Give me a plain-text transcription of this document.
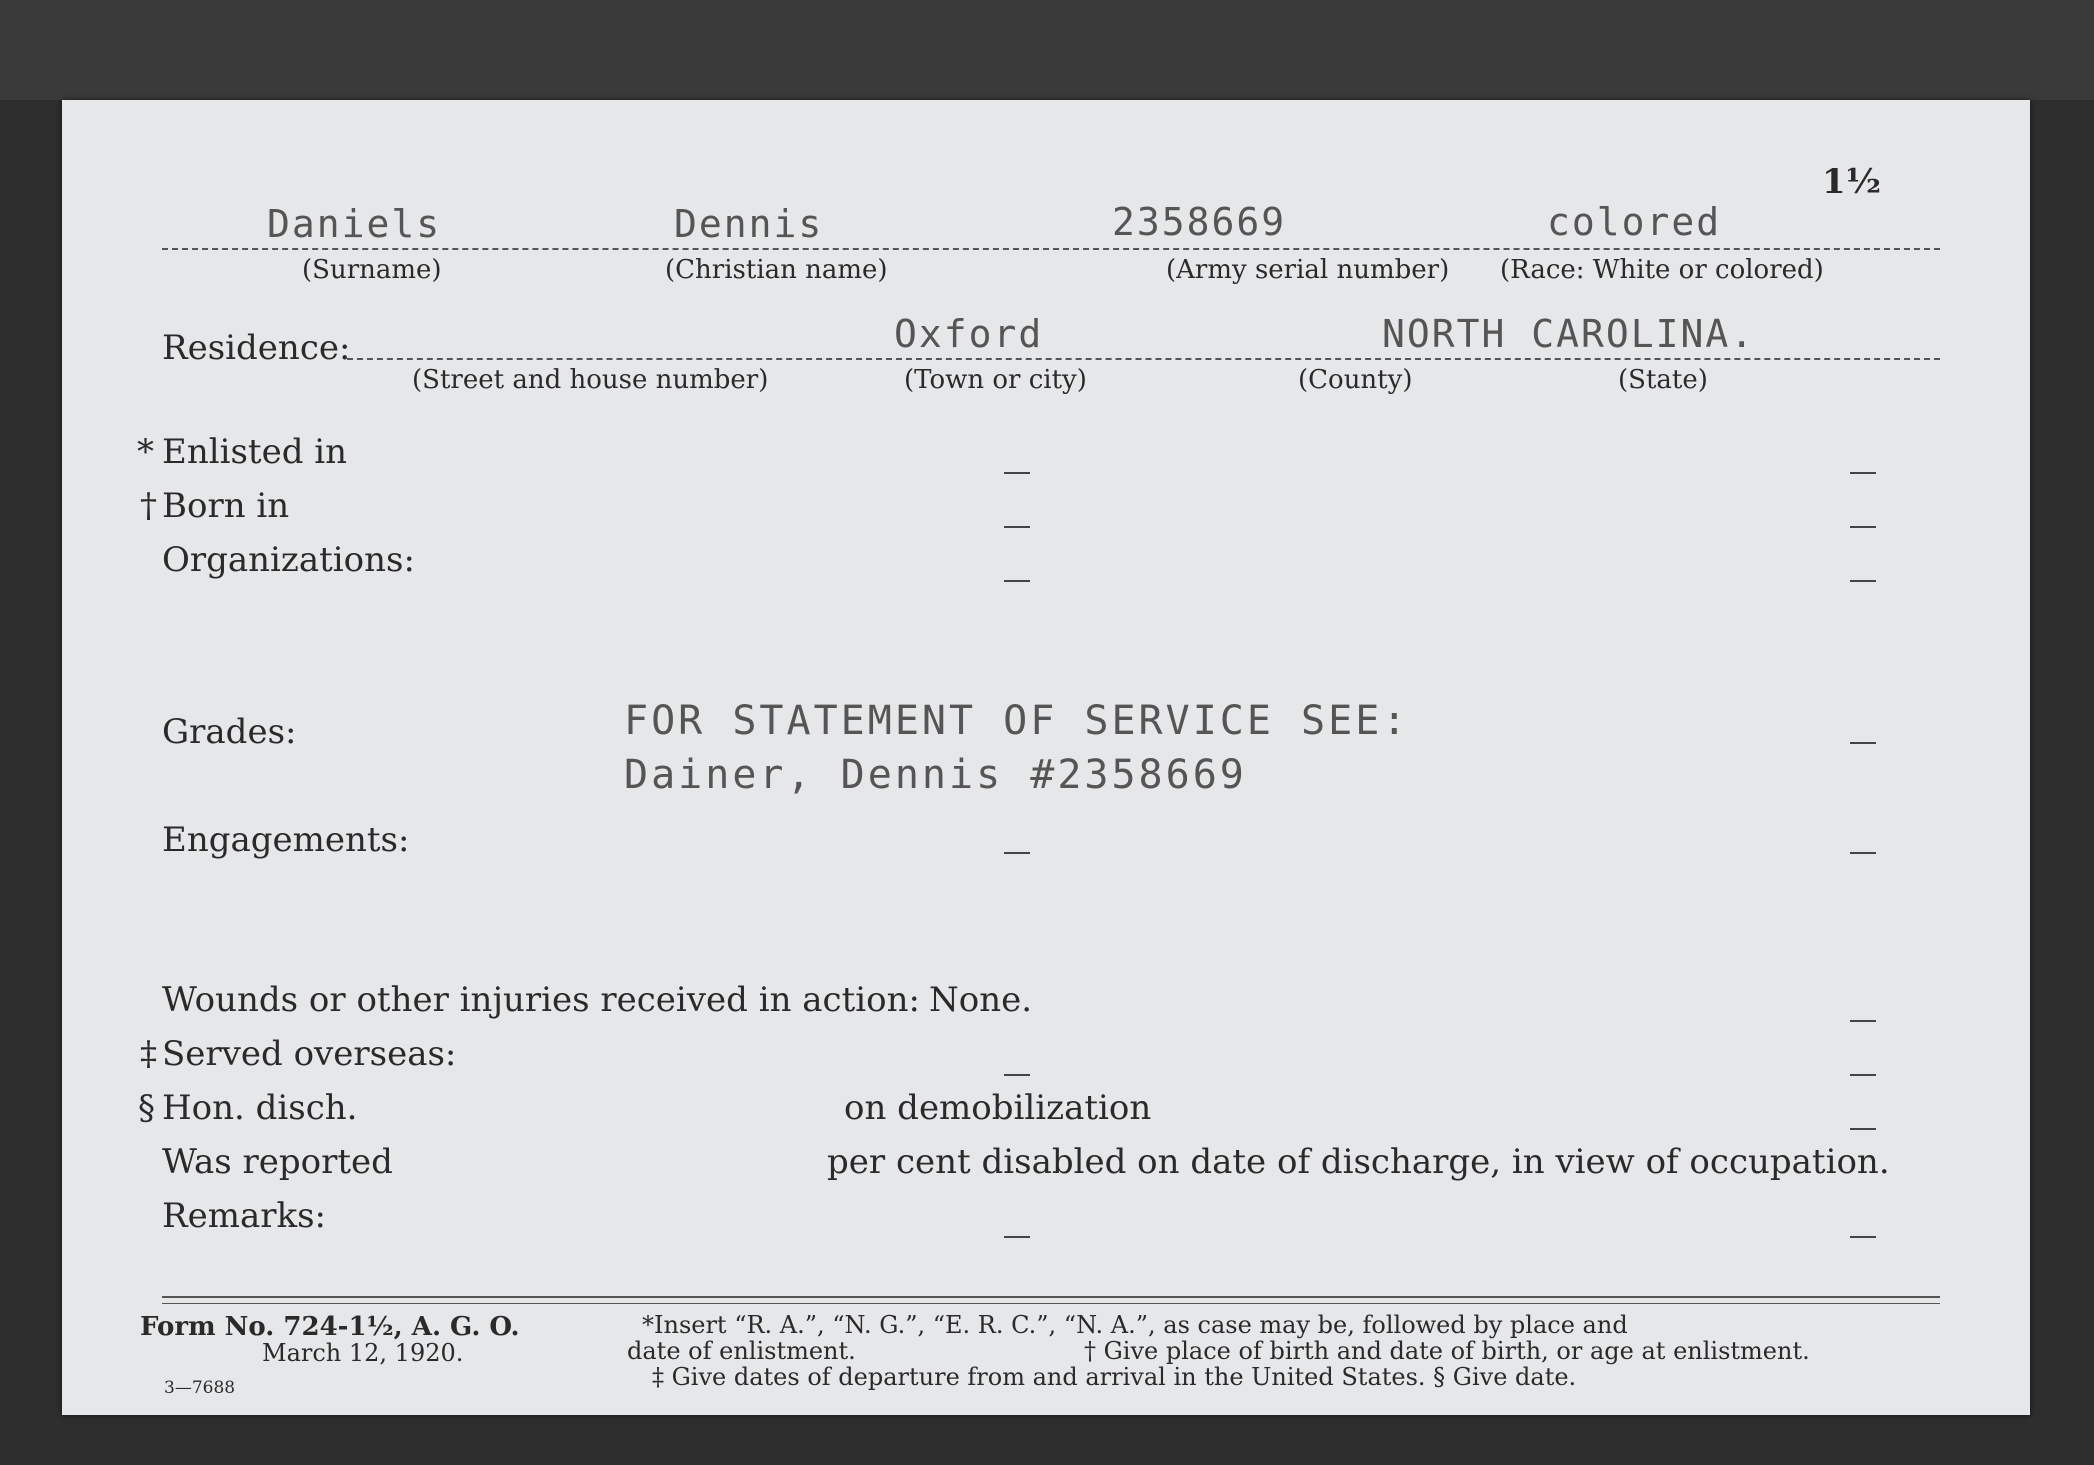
1½
Daniels	Dennis	2358669	colored
(Surname)	(Christian name)	(Army serial number) (Race: White or colored)
Residence:	Oxford	NORTH CAROLINA.
(Street and house number)	(Town or city)	(County)	(State)
* Enlisted in
† Born in
Organizations:
Grades:	FOR STATEMENT OF SERVICE SEE:
Dainer, Dennis #2358669
Engagements:
Wounds or other injuries received in action: None.
‡ Served overseas:
§ Hon. disch.	on demobilization
Was reported	per cent disabled on date of discharge, in view of occupation.
Remarks:
Form No. 724-1½, A. G. O.
March 12, 1920.
3—7688
*Insert “R. A.”, “N. G.”, “E. R. C.”, “N. A.”, as case may be, followed by place and
date of enlistment.	† Give place of birth and date of birth, or age at enlistment.
‡ Give dates of departure from and arrival in the United States. § Give date.
